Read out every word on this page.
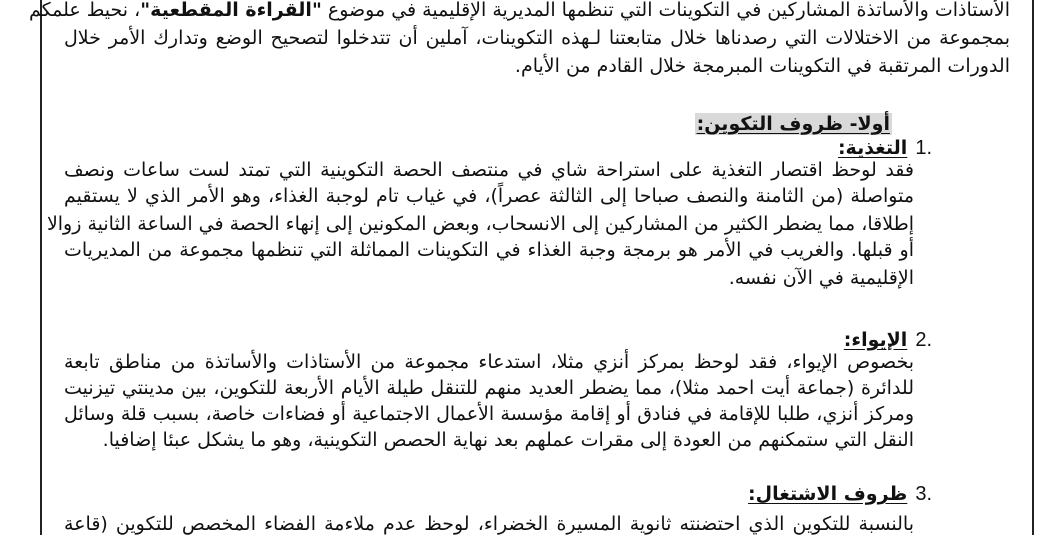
الأستاذات والأساتذة المشاركين في التكوينات التي تنظمها المديرية الإقليمية في موضوع "القراءة المقطعية"، نحيط علمكم
بمجموعة من الاختلالات التي رصدناها خلال متابعتنا لـهذه التكوينات، آملين أن تتدخلوا لتصحيح الوضع وتدارك الأمر خلال
الدورات المرتقبة في التكوينات المبرمجة خلال القادم من الأيام.
أولا- ظروف التكوين:
.1التغذية:
فقد لوحظ اقتصار التغذية على استراحة شاي في منتصف الحصة التكوينية التي تمتد لست ساعات ونصف
متواصلة (من الثامنة والنصف صباحا إلى الثالثة عصراً)، في غياب تام لوجبة الغذاء، وهو الأمر الذي لا يستقيم
إطلاقا، مما يضطر الكثير من المشاركين إلى الانسحاب، وبعض المكونين إلى إنهاء الحصة في الساعة الثانية زوالا
أو قبلها. والغريب في الأمر هو برمجة وجبة الغذاء في التكوينات المماثلة التي تنظمها مجموعة من المديريات
الإقليمية في الآن نفسه.
.2الإيواء:
بخصوص الإيواء، فقد لوحظ بمركز أنزي مثلا، استدعاء مجموعة من الأستاذات والأساتذة من مناطق تابعة
للدائرة (جماعة أيت احمد مثلا)، مما يضطر العديد منهم للتنقل طيلة الأيام الأربعة للتكوين، بين مدينتي تيزنيت
ومركز أنزي، طلبا للإقامة في فنادق أو إقامة مؤسسة الأعمال الاجتماعية أو فضاءات خاصة، بسبب قلة وسائل
النقل التي ستمكنهم من العودة إلى مقرات عملهم بعد نهاية الحصص التكوينية، وهو ما يشكل عبئا إضافيا.
.3ظروف الاشتغال:
بالنسبة للتكوين الذي احتضنته ثانوية المسيرة الخضراء، لوحظ عدم ملاءمة الفضاء المخصص للتكوين (قاعة
